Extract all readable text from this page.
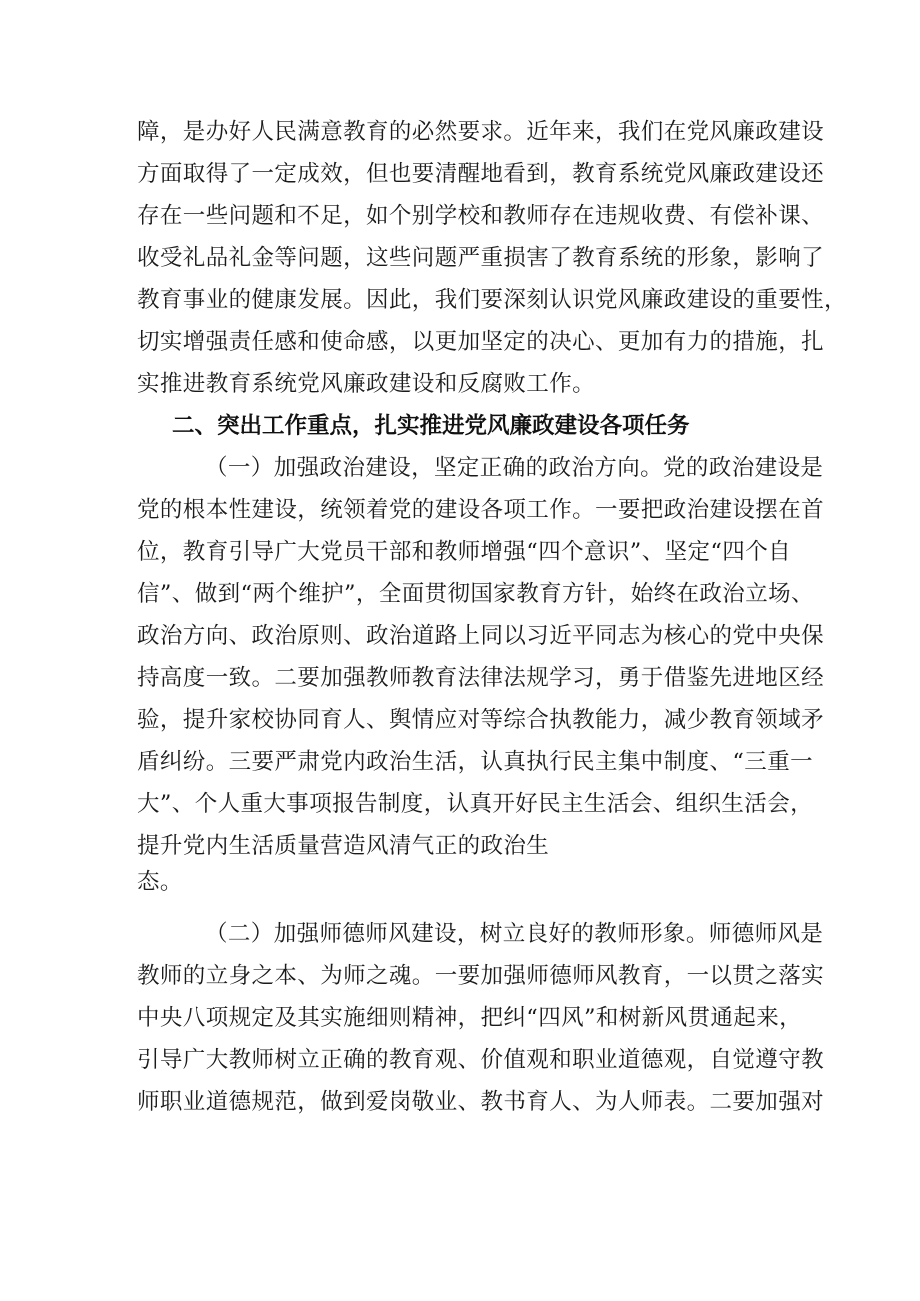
障，是办好人民满意教育的必然要求。近年来，我们在党风廉政建设
方面取得了一定成效，但也要清醒地看到，教育系统党风廉政建设还
存在一些问题和不足，如个别学校和教师存在违规收费、有偿补课、
收受礼品礼金等问题，这些问题严重损害了教育系统的形象，影响了
教育事业的健康发展。因此，我们要深刻认识党风廉政建设的重要性，
切实增强责任感和使命感，以更加坚定的决心、更加有力的措施，扎
实推进教育系统党风廉政建设和反腐败工作。
二、突出工作重点，扎实推进党风廉政建设各项任务
（一）加强政治建设，坚定正确的政治方向。党的政治建设是
党的根本性建设，统领着党的建设各项工作。一要把政治建设摆在首
位，教育引导广大党员干部和教师增强“四个意识”、坚定“四个自
信”、做到“两个维护”，全面贯彻国家教育方针，始终在政治立场、
政治方向、政治原则、政治道路上同以习近平同志为核心的党中央保
持高度一致。二要加强教师教育法律法规学习，勇于借鉴先进地区经
验，提升家校协同育人、舆情应对等综合执教能力，减少教育领域矛
盾纠纷。三要严肃党内政治生活，认真执行民主集中制度、“三重一
大”、个人重大事项报告制度，认真开好民主生活会、组织生活会，
提升党内生活质量营造风清气正的政治生
态。
（二）加强师德师风建设，树立良好的教师形象。师德师风是
教师的立身之本、为师之魂。一要加强师德师风教育，一以贯之落实
中央八项规定及其实施细则精神，把纠“四风”和树新风贯通起来，
引导广大教师树立正确的教育观、价值观和职业道德观，自觉遵守教
师职业道德规范，做到爱岗敬业、教书育人、为人师表。二要加强对
